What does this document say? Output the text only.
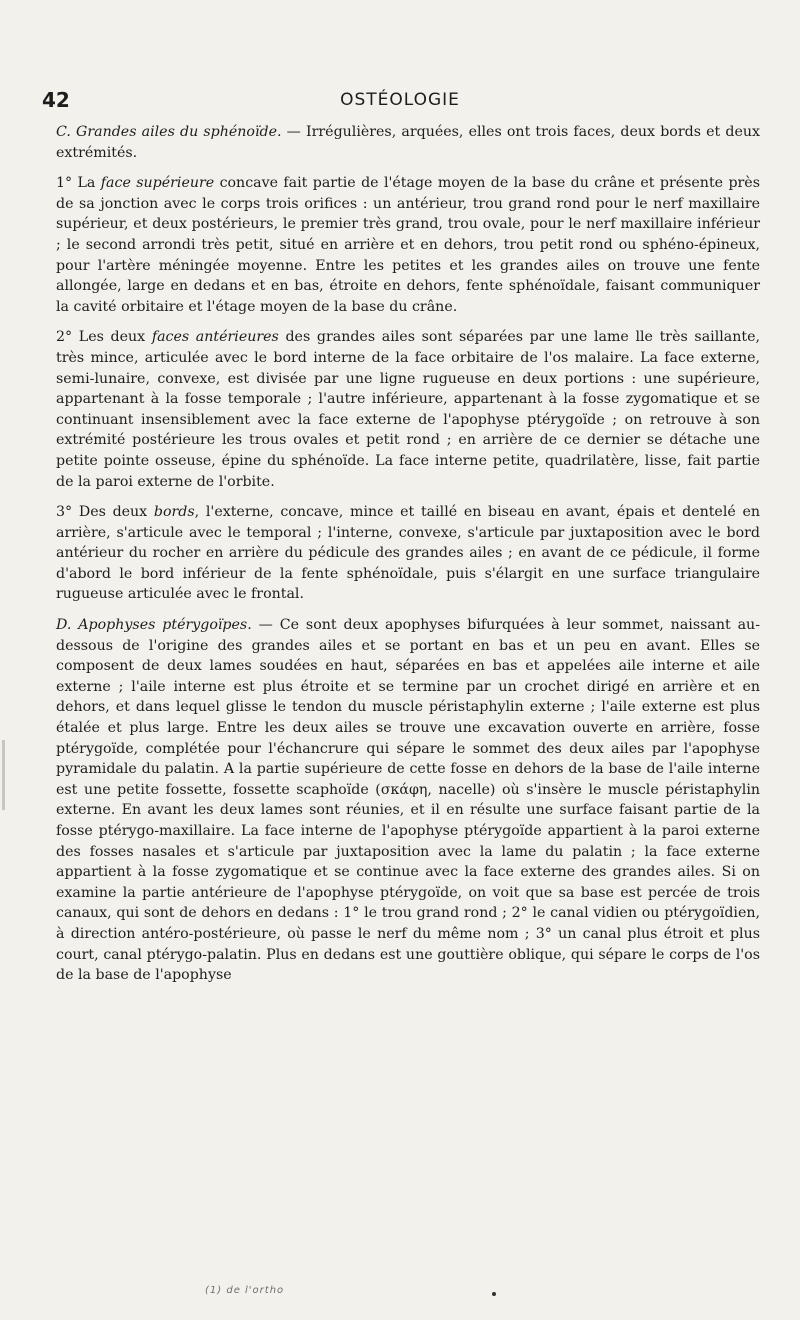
42	OSTÉOLOGIE

C. Grandes ailes du sphénoïde. — Irrégulières, arquées, elles ont trois faces, deux bords et deux extrémités.

1° La face supérieure concave fait partie de l'étage moyen de la base du crâne et présente près de sa jonction avec le corps trois orifices : un antérieur, trou grand rond pour le nerf maxillaire supérieur, et deux postérieurs, le premier très grand, trou ovale, pour le nerf maxillaire inférieur ; le second arrondi très petit, situé en arrière et en dehors, trou petit rond ou sphéno-épineux, pour l'artère méningée moyenne. Entre les petites et les grandes ailes on trouve une fente allongée, large en dedans et en bas, étroite en dehors, fente sphénoïdale, faisant communiquer la cavité orbitaire et l'étage moyen de la base du crâne.

2° Les deux faces antérieures des grandes ailes sont séparées par une lame lle très saillante, très mince, articulée avec le bord interne de la face orbitaire de l'os malaire. La face externe, semi-lunaire, convexe, est divisée par une ligne rugueuse en deux portions : une supérieure, appartenant à la fosse temporale ; l'autre inférieure, appartenant à la fosse zygomatique et se continuant insensiblement avec la face externe de l'apophyse ptérygoïde ; on retrouve à son extrémité postérieure les trous ovales et petit rond ; en arrière de ce dernier se détache une petite pointe osseuse, épine du sphénoïde. La face interne petite, quadrilatère, lisse, fait partie de la paroi externe de l'orbite.

3° Des deux bords, l'externe, concave, mince et taillé en biseau en avant, épais et dentelé en arrière, s'articule avec le temporal ; l'interne, convexe, s'articule par juxtaposition avec le bord antérieur du rocher en arrière du pédicule des grandes ailes ; en avant de ce pédicule, il forme d'abord le bord inférieur de la fente sphénoïdale, puis s'élargit en une surface triangulaire rugueuse articulée avec le frontal.

D. Apophyses ptérygoïpes. — Ce sont deux apophyses bifurquées à leur sommet, naissant au-dessous de l'origine des grandes ailes et se portant en bas et un peu en avant. Elles se composent de deux lames soudées en haut, séparées en bas et appelées aile interne et aile externe ; l'aile interne est plus étroite et se termine par un crochet dirigé en arrière et en dehors, et dans lequel glisse le tendon du muscle péristaphylin externe ; l'aile externe est plus étalée et plus large. Entre les deux ailes se trouve une excavation ouverte en arrière, fosse ptérygoïde, complétée pour l'échancrure qui sépare le sommet des deux ailes par l'apophyse pyramidale du palatin. A la partie supérieure de cette fosse en dehors de la base de l'aile interne est une petite fossette, fossette scaphoïde (σκάφη, nacelle) où s'insère le muscle péristaphylin externe. En avant les deux lames sont réunies, et il en résulte une surface faisant partie de la fosse ptérygo-maxillaire. La face interne de l'apophyse ptérygoïde appartient à la paroi externe des fosses nasales et s'articule par juxtaposition avec la lame du palatin ; la face externe appartient à la fosse zygomatique et se continue avec la face externe des grandes ailes. Si on examine la partie antérieure de l'apophyse ptérygoïde, on voit que sa base est percée de trois canaux, qui sont de dehors en dedans : 1° le trou grand rond ; 2° le canal vidien ou ptérygoïdien, à direction antéro-postérieure, où passe le nerf du même nom ; 3° un canal plus étroit et plus court, canal ptérygo-palatin. Plus en dedans est une gouttière oblique, qui sépare le corps de l'os de la base de l'apophyse

(1) de l'ortho
